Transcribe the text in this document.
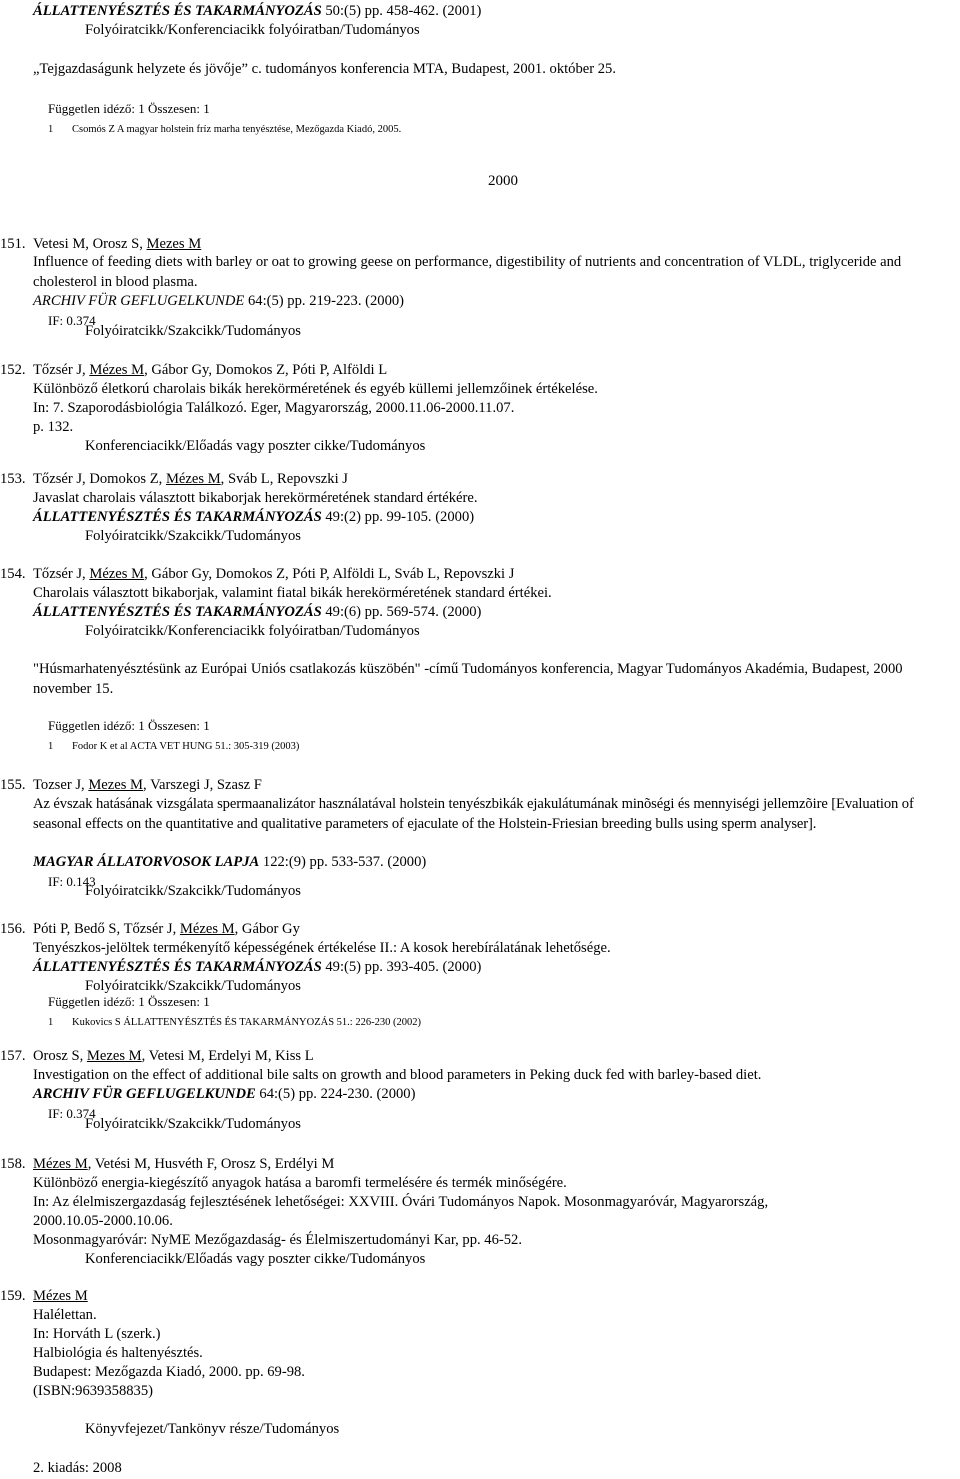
ÁLLATTENYÉSZTÉS ÉS TAKARMÁNYOZÁS 50:(5) pp. 458-462. (2001)
Folyóiratcikk/Konferenciacikk folyóiratban/Tudományos
„Tejgazdaságunk helyzete és jövője” c. tudományos konferencia MTA, Budapest, 2001. október 25.
Független idéző: 1 Összesen: 1
1 Csomós Z A magyar holstein fríz marha tenyésztése, Mezőgazda Kiadó, 2005.
2000
151. Vetesi M, Orosz S, Mezes M
Influence of feeding diets with barley or oat to growing geese on performance, digestibility of nutrients and concentration of VLDL, triglyceride and cholesterol in blood plasma.
ARCHIV FÜR GEFLUGELKUNDE 64:(5) pp. 219-223. (2000)
IF: 0.374
Folyóiratcikk/Szakcikk/Tudományos
152. Tőzsér J, Mézes M, Gábor Gy, Domokos Z, Póti P, Alföldi L
Különböző életkorú charolais bikák herekörméretének és egyéb küllemi jellemzőinek értékelése.
In: 7. Szaporodásbiológia Találkozó. Eger, Magyarország, 2000.11.06-2000.11.07.
p. 132.
Konferenciacikk/Előadás vagy poszter cikke/Tudományos
153. Tőzsér J, Domokos Z, Mézes M, Sváb L, Repovszki J
Javaslat charolais választott bikaborjak herekörméretének standard értékére.
ÁLLATTENYÉSZTÉS ÉS TAKARMÁNYOZÁS 49:(2) pp. 99-105. (2000)
Folyóiratcikk/Szakcikk/Tudományos
154. Tőzsér J, Mézes M, Gábor Gy, Domokos Z, Póti P, Alföldi L, Sváb L, Repovszki J
Charolais választott bikaborjak, valamint fiatal bikák herekörméretének standard értékei.
ÁLLATTENYÉSZTÉS ÉS TAKARMÁNYOZÁS 49:(6) pp. 569-574. (2000)
Folyóiratcikk/Konferenciacikk folyóiratban/Tudományos
"Húsmarhatenyésztésünk az Európai Uniós csatlakozás küszöbén" -című Tudományos konferencia, Magyar Tudományos Akadémia, Budapest, 2000 november 15.
Független idéző: 1 Összesen: 1
1 Fodor K et al ACTA VET HUNG 51.: 305-319 (2003)
155. Tozser J, Mezes M, Varszegi J, Szasz F
Az évszak hatásának vizsgálata spermaanalizátor használatával holstein tenyészbikák ejakulátumának minõségi és mennyiségi jellemzõire [Evaluation of seasonal effects on the quantitative and qualitative parameters of ejaculate of the Holstein-Friesian breeding bulls using sperm analyser].
MAGYAR ÁLLATORVOSOK LAPJA 122:(9) pp. 533-537. (2000)
IF: 0.143
Folyóiratcikk/Szakcikk/Tudományos
156. Póti P, Bedő S, Tőzsér J, Mézes M, Gábor Gy
Tenyészkos-jelöltek termékenyítő képességének értékelése II.: A kosok herebírálatának lehetősége.
ÁLLATTENYÉSZTÉS ÉS TAKARMÁNYOZÁS 49:(5) pp. 393-405. (2000)
Folyóiratcikk/Szakcikk/Tudományos
Független idéző: 1 Összesen: 1
1 Kukovics S ÁLLATTENYÉSZTÉS ÉS TAKARMÁNYOZÁS 51.: 226-230 (2002)
157. Orosz S, Mezes M, Vetesi M, Erdelyi M, Kiss L
Investigation on the effect of additional bile salts on growth and blood parameters in Peking duck fed with barley-based diet.
ARCHIV FÜR GEFLUGELKUNDE 64:(5) pp. 224-230. (2000)
IF: 0.374
Folyóiratcikk/Szakcikk/Tudományos
158. Mézes M, Vetési M, Husvéth F, Orosz S, Erdélyi M
Különböző energia-kiegészítő anyagok hatása a baromfi termelésére és termék minőségére.
In: Az élelmiszergazdaság fejlesztésének lehetőségei: XXVIII. Óvári Tudományos Napok. Mosonmagyaróvár, Magyarország,
2000.10.05-2000.10.06.
Mosonmagyaróvár: NyME Mezőgazdaság- és Élelmiszertudományi Kar, pp. 46-52.
Konferenciacikk/Előadás vagy poszter cikke/Tudományos
159. Mézes M
Halélettan.
In: Horváth L (szerk.)
Halbiológia és haltenyésztés.
Budapest: Mezőgazda Kiadó, 2000. pp. 69-98.
(ISBN:9639358835)
Könyvfejezet/Tankönyv része/Tudományos
2. kiadás: 2008
